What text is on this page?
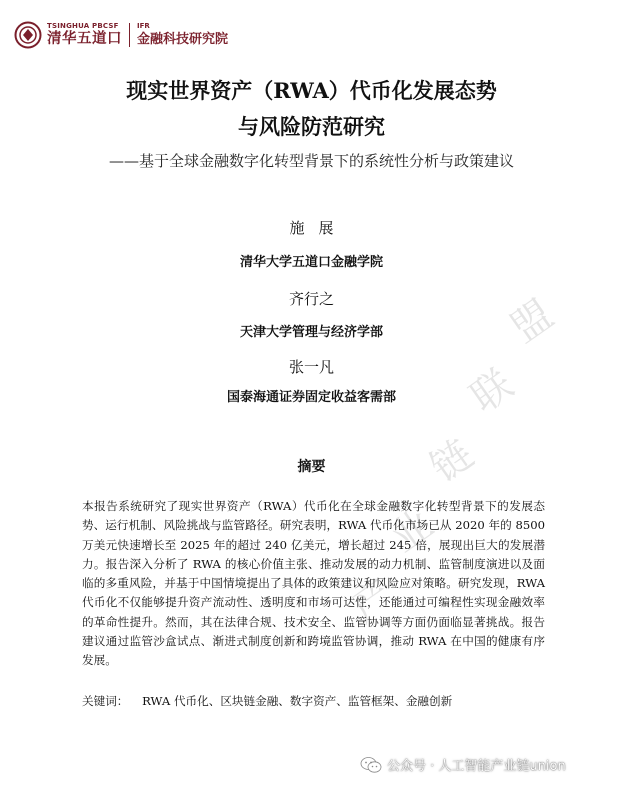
TSINGHUA PBCSF
清华五道口
IFR
金融科技研究院
产
业
链
联
盟
现实世界资产（RWA）代币化发展态势
与风险防范研究
——基于全球金融数字化转型背景下的系统性分析与政策建议
施展
清华大学五道口金融学院
齐行之
天津大学管理与经济学部
张一凡
国泰海通证券固定收益客需部
摘要
本报告系统研究了现实世界资产（RWA）代币化在全球金融数字化转型背景下的发展态势、运行机制、风险挑战与监管路径。研究表明，RWA 代币化市场已从 2020 年的 8500 万美元快速增长至 2025 年的超过 240 亿美元，增长超过 245 倍，展现出巨大的发展潜力。报告深入分析了 RWA 的核心价值主张、推动发展的动力机制、监管制度演进以及面临的多重风险，并基于中国情境提出了具体的政策建议和风险应对策略。研究发现，RWA 代币化不仅能够提升资产流动性、透明度和市场可达性，还能通过可编程性实现金融效率的革命性提升。然而，其在法律合规、技术安全、监管协调等方面仍面临显著挑战。报告建议通过监管沙盒试点、渐进式制度创新和跨境监管协调，推动 RWA 在中国的健康有序发展。
关键词： RWA 代币化、区块链金融、数字资产、监管框架、金融创新
公众号 · 人工智能产业链union
